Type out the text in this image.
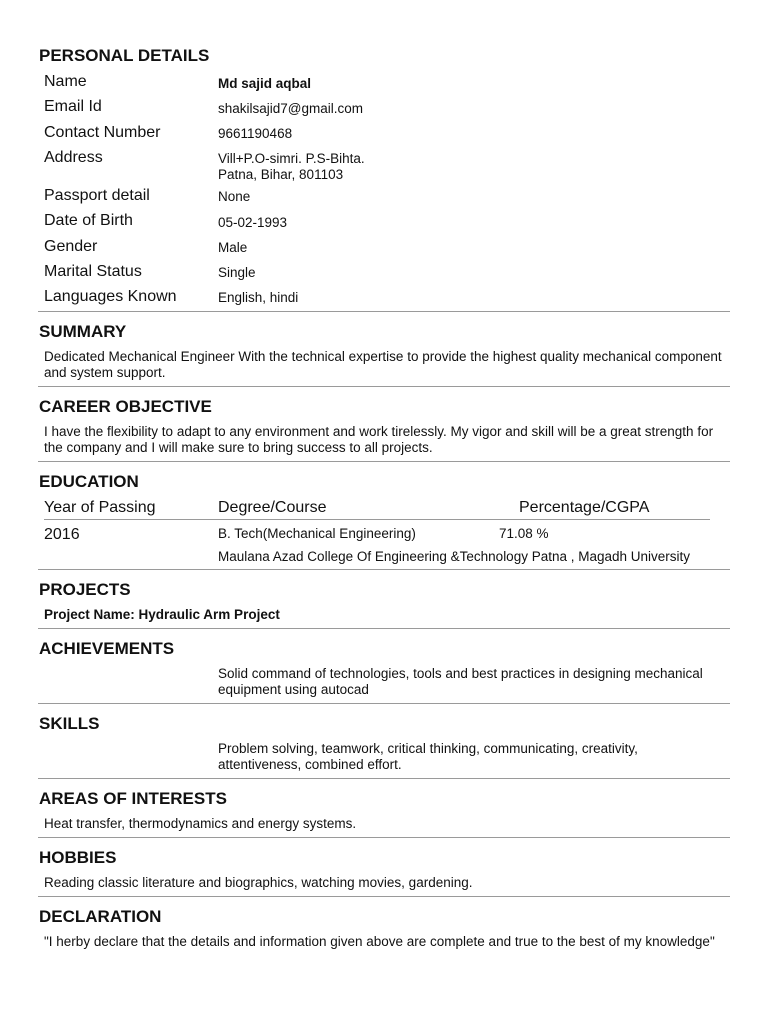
PERSONAL DETAILS
Name	Md sajid aqbal
Email Id	shakilsajid7@gmail.com
Contact Number	9661190468
Address	Vill+P.O-simri. P.S-Bihta.
Patna, Bihar, 801103
Passport detail	None
Date of Birth	05-02-1993
Gender	Male
Marital Status	Single
Languages Known	English, hindi
SUMMARY
Dedicated Mechanical Engineer With the technical expertise to provide the highest quality mechanical component and system support.
CAREER OBJECTIVE
I have the flexibility to adapt to any environment and work tirelessly. My vigor and skill will be a great strength for the company and I will make sure to bring success to all projects.
EDUCATION
Year of Passing	Degree/Course	Percentage/CGPA
2016	B. Tech(Mechanical Engineering)	71.08 %
Maulana Azad College Of Engineering &Technology Patna , Magadh University
PROJECTS
Project Name: Hydraulic Arm Project
ACHIEVEMENTS
Solid command of technologies, tools and best practices in designing mechanical equipment using autocad
SKILLS
Problem solving, teamwork, critical thinking, communicating, creativity, attentiveness, combined effort.
AREAS OF INTERESTS
Heat transfer, thermodynamics and energy systems.
HOBBIES
Reading classic literature and biographics, watching movies, gardening.
DECLARATION
"I herby declare that the details and information given above are complete and true to the best of my knowledge"
